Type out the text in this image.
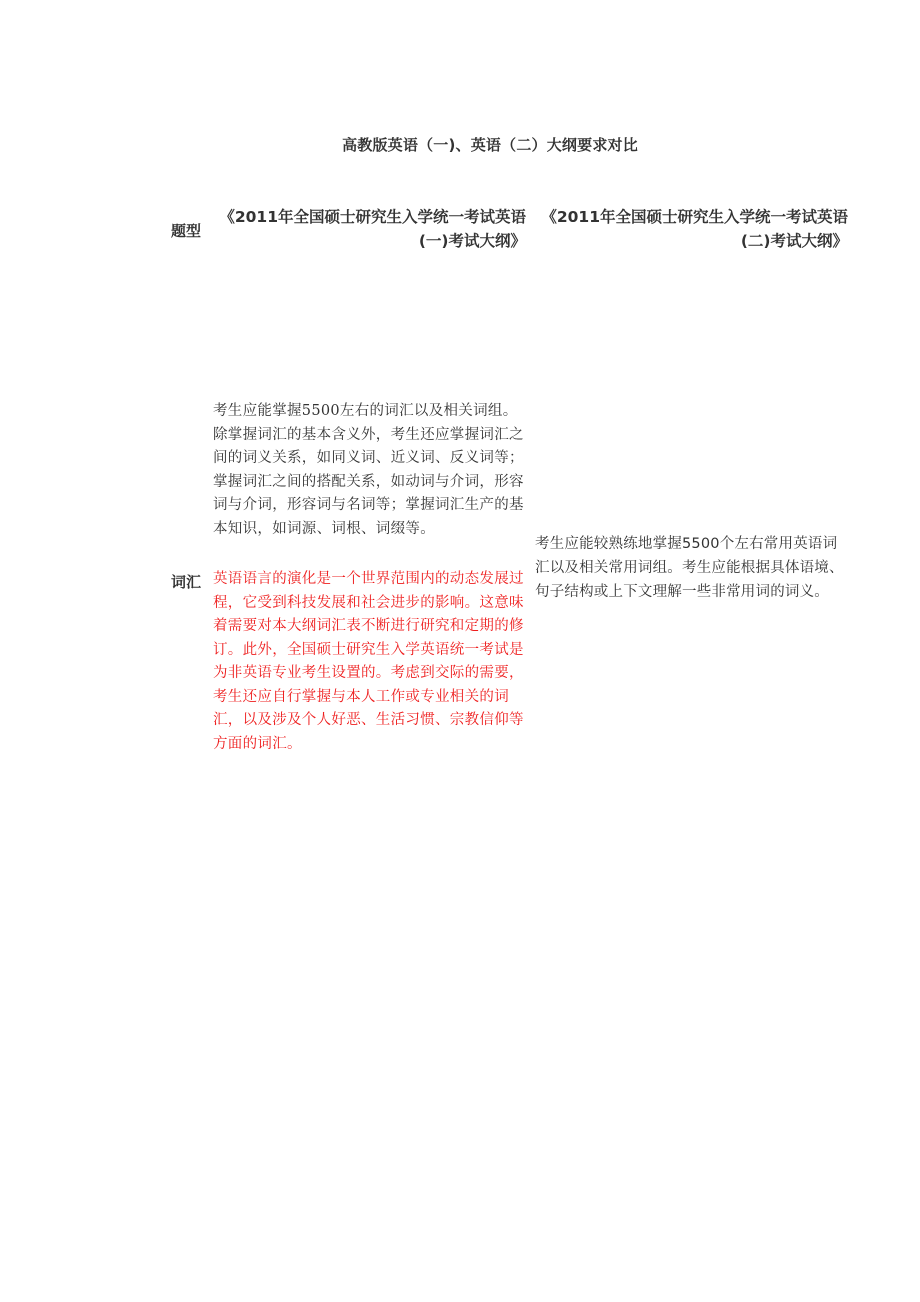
高教版英语（一)、英语（二）大纲要求对比
题型
《2011年全国硕士研究生入学统一考试英语(一)考试大纲》
《2011年全国硕士研究生入学统一考试英语(二)考试大纲》
词汇
考生应能掌握5500左右的词汇以及相关词组。除掌握词汇的基本含义外，考生还应掌握词汇之间的词义关系，如同义词、近义词、反义词等；掌握词汇之间的搭配关系，如动词与介词，形容词与介词，形容词与名词等；掌握词汇生产的基本知识，如词源、词根、词缀等。
英语语言的演化是一个世界范围内的动态发展过程，它受到科技发展和社会进步的影响。这意味着需要对本大纲词汇表不断进行研究和定期的修订。此外，全国硕士研究生入学英语统一考试是为非英语专业考生设置的。考虑到交际的需要，考生还应自行掌握与本人工作或专业相关的词汇，以及涉及个人好恶、生活习惯、宗教信仰等方面的词汇。
考生应能较熟练地掌握5500个左右常用英语词汇以及相关常用词组。考生应能根据具体语境、句子结构或上下文理解一些非常用词的词义。
